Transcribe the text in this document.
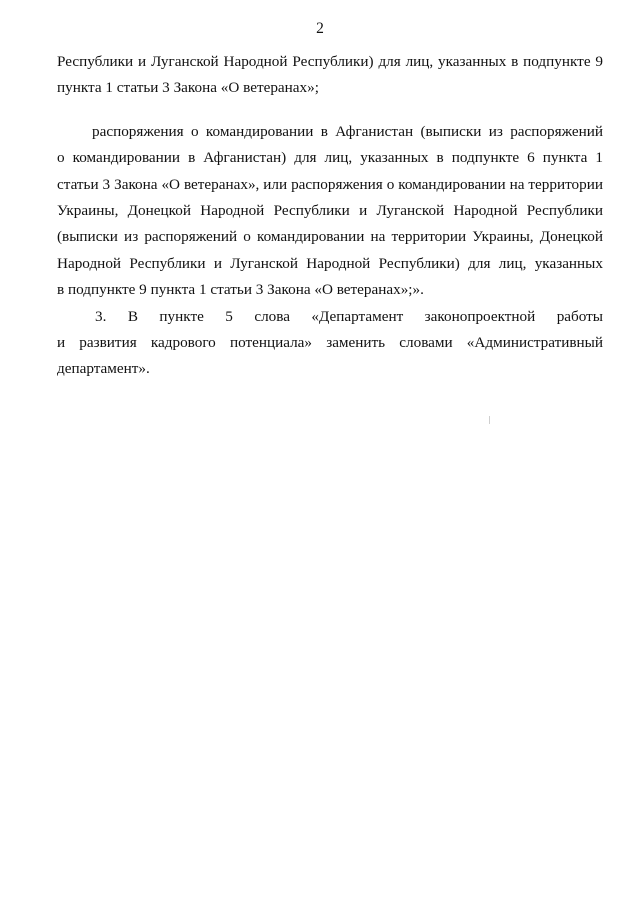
2
Республики и Луганской Народной Республики) для лиц, указанных в подпункте 9
пункта 1 статьи 3 Закона «О ветеранах»;
распоряжения о командировании в Афганистан (выписки из распоряжений
о командировании в Афганистан) для лиц, указанных в подпункте 6 пункта 1
статьи 3 Закона «О ветеранах», или распоряжения о командировании на территории
Украины, Донецкой Народной Республики и Луганской Народной Республики
(выписки из распоряжений о командировании на территории Украины, Донецкой
Народной Республики и Луганской Народной Республики) для лиц, указанных
в подпункте 9 пункта 1 статьи 3 Закона «О ветеранах»;».
3. В пункте 5 слова «Департамент законопроектной работы
и развития кадрового потенциала» заменить словами «Административный
департамент».
